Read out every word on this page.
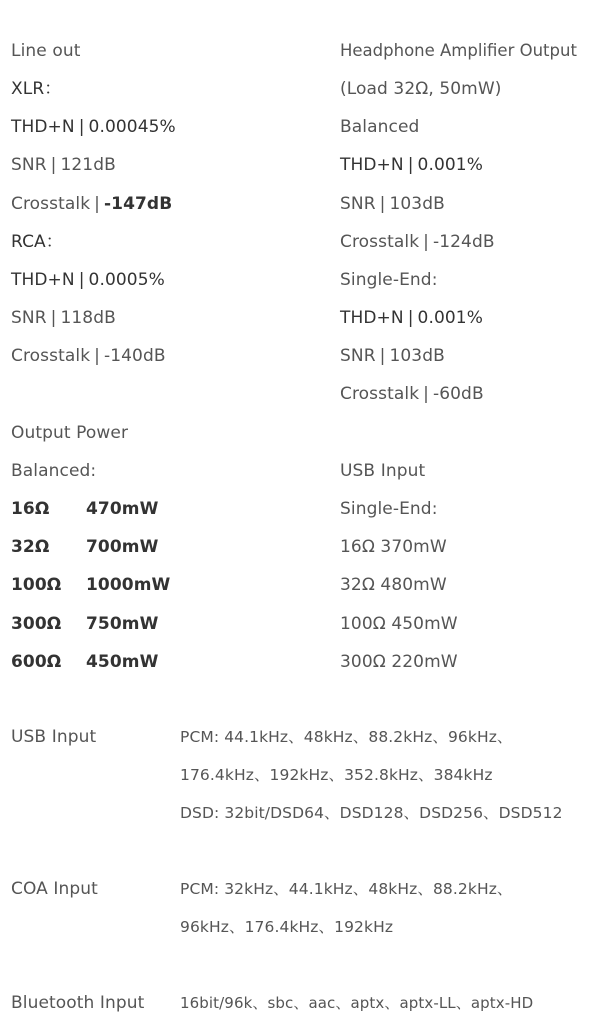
Line out
XLR：
THD+N | 0.00045%
SNR | 121dB
Crosstalk | -147dB
RCA：
THD+N | 0.0005%
SNR | 118dB
Crosstalk | -140dB
Output Power
Balanced:
16Ω 470mW
32Ω 700mW
100Ω 1000mW
300Ω 750mW
600Ω 450mW
Headphone Amplifier Output
(Load 32Ω, 50mW)
Balanced
THD+N | 0.001%
SNR | 103dB
Crosstalk | -124dB
Single-End:
THD+N | 0.001%
SNR | 103dB
Crosstalk | -60dB
USB Input
Single-End:
16Ω 370mW
32Ω 480mW
100Ω 450mW
300Ω 220mW
USB Input	PCM: 44.1kHz、48kHz、88.2kHz、96kHz、
176.4kHz、192kHz、352.8kHz、384kHz
DSD: 32bit/DSD64、DSD128、DSD256、DSD512
COA Input	PCM: 32kHz、44.1kHz、48kHz、88.2kHz、
96kHz、176.4kHz、192kHz
Bluetooth Input 16bit/96k、sbc、aac、aptx、aptx-LL、aptx-HD
